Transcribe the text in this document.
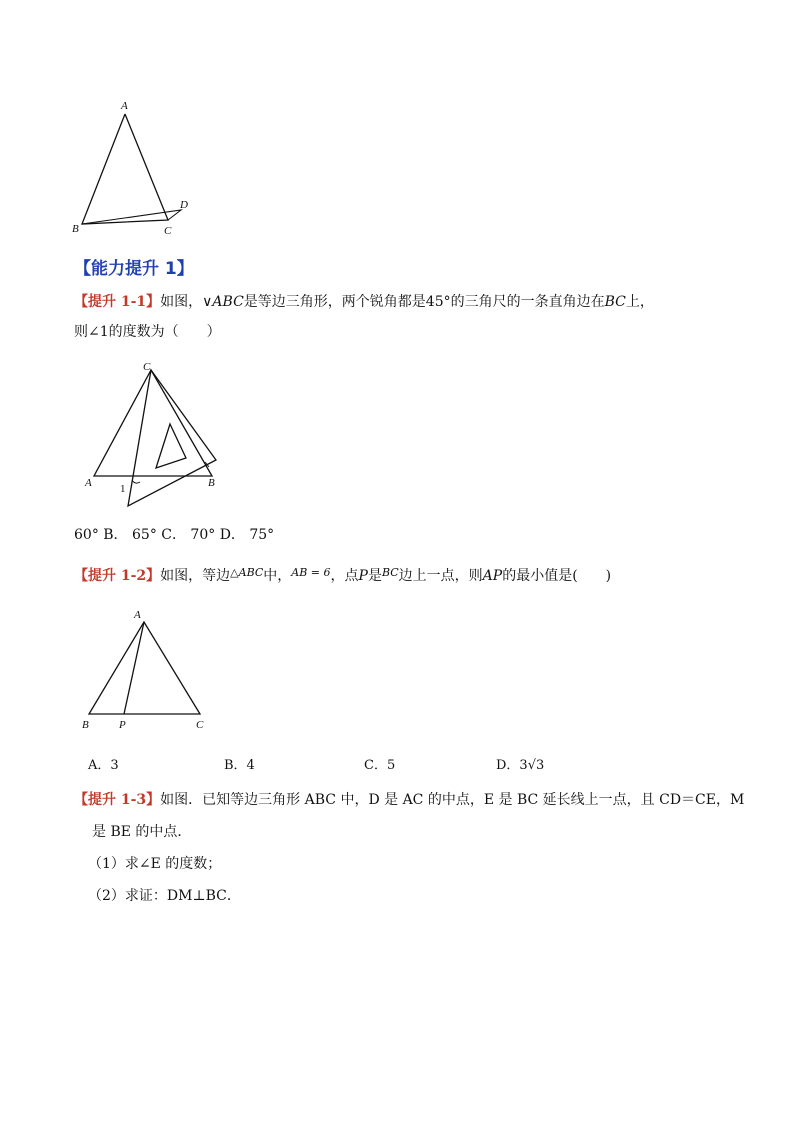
A
B	C
D
【能力提升 1】
【提升 1-1】如图，∨ABC是等边三角形，两个锐角都是45°的三角尺的一条直角边在BC上，
则∠1的度数为（　　）
C
A	B
1
60° B． 65° C． 70° D． 75°
【提升 1-2】如图，等边$^{\triangle ABC}$中，$^{AB = 6}$，点P是$^{BC}$边上一点，则AP的最小值是(　　)
A
B	P	C
A．3	B．4	C．5	D．3√3
【提升 1-3】如图．已知等边三角形 ABC 中，D 是 AC 的中点，E 是 BC 延长线上一点，且 CD＝CE，M
是 BE 的中点．
（1）求∠E 的度数；
（2）求证：DM⊥BC．
